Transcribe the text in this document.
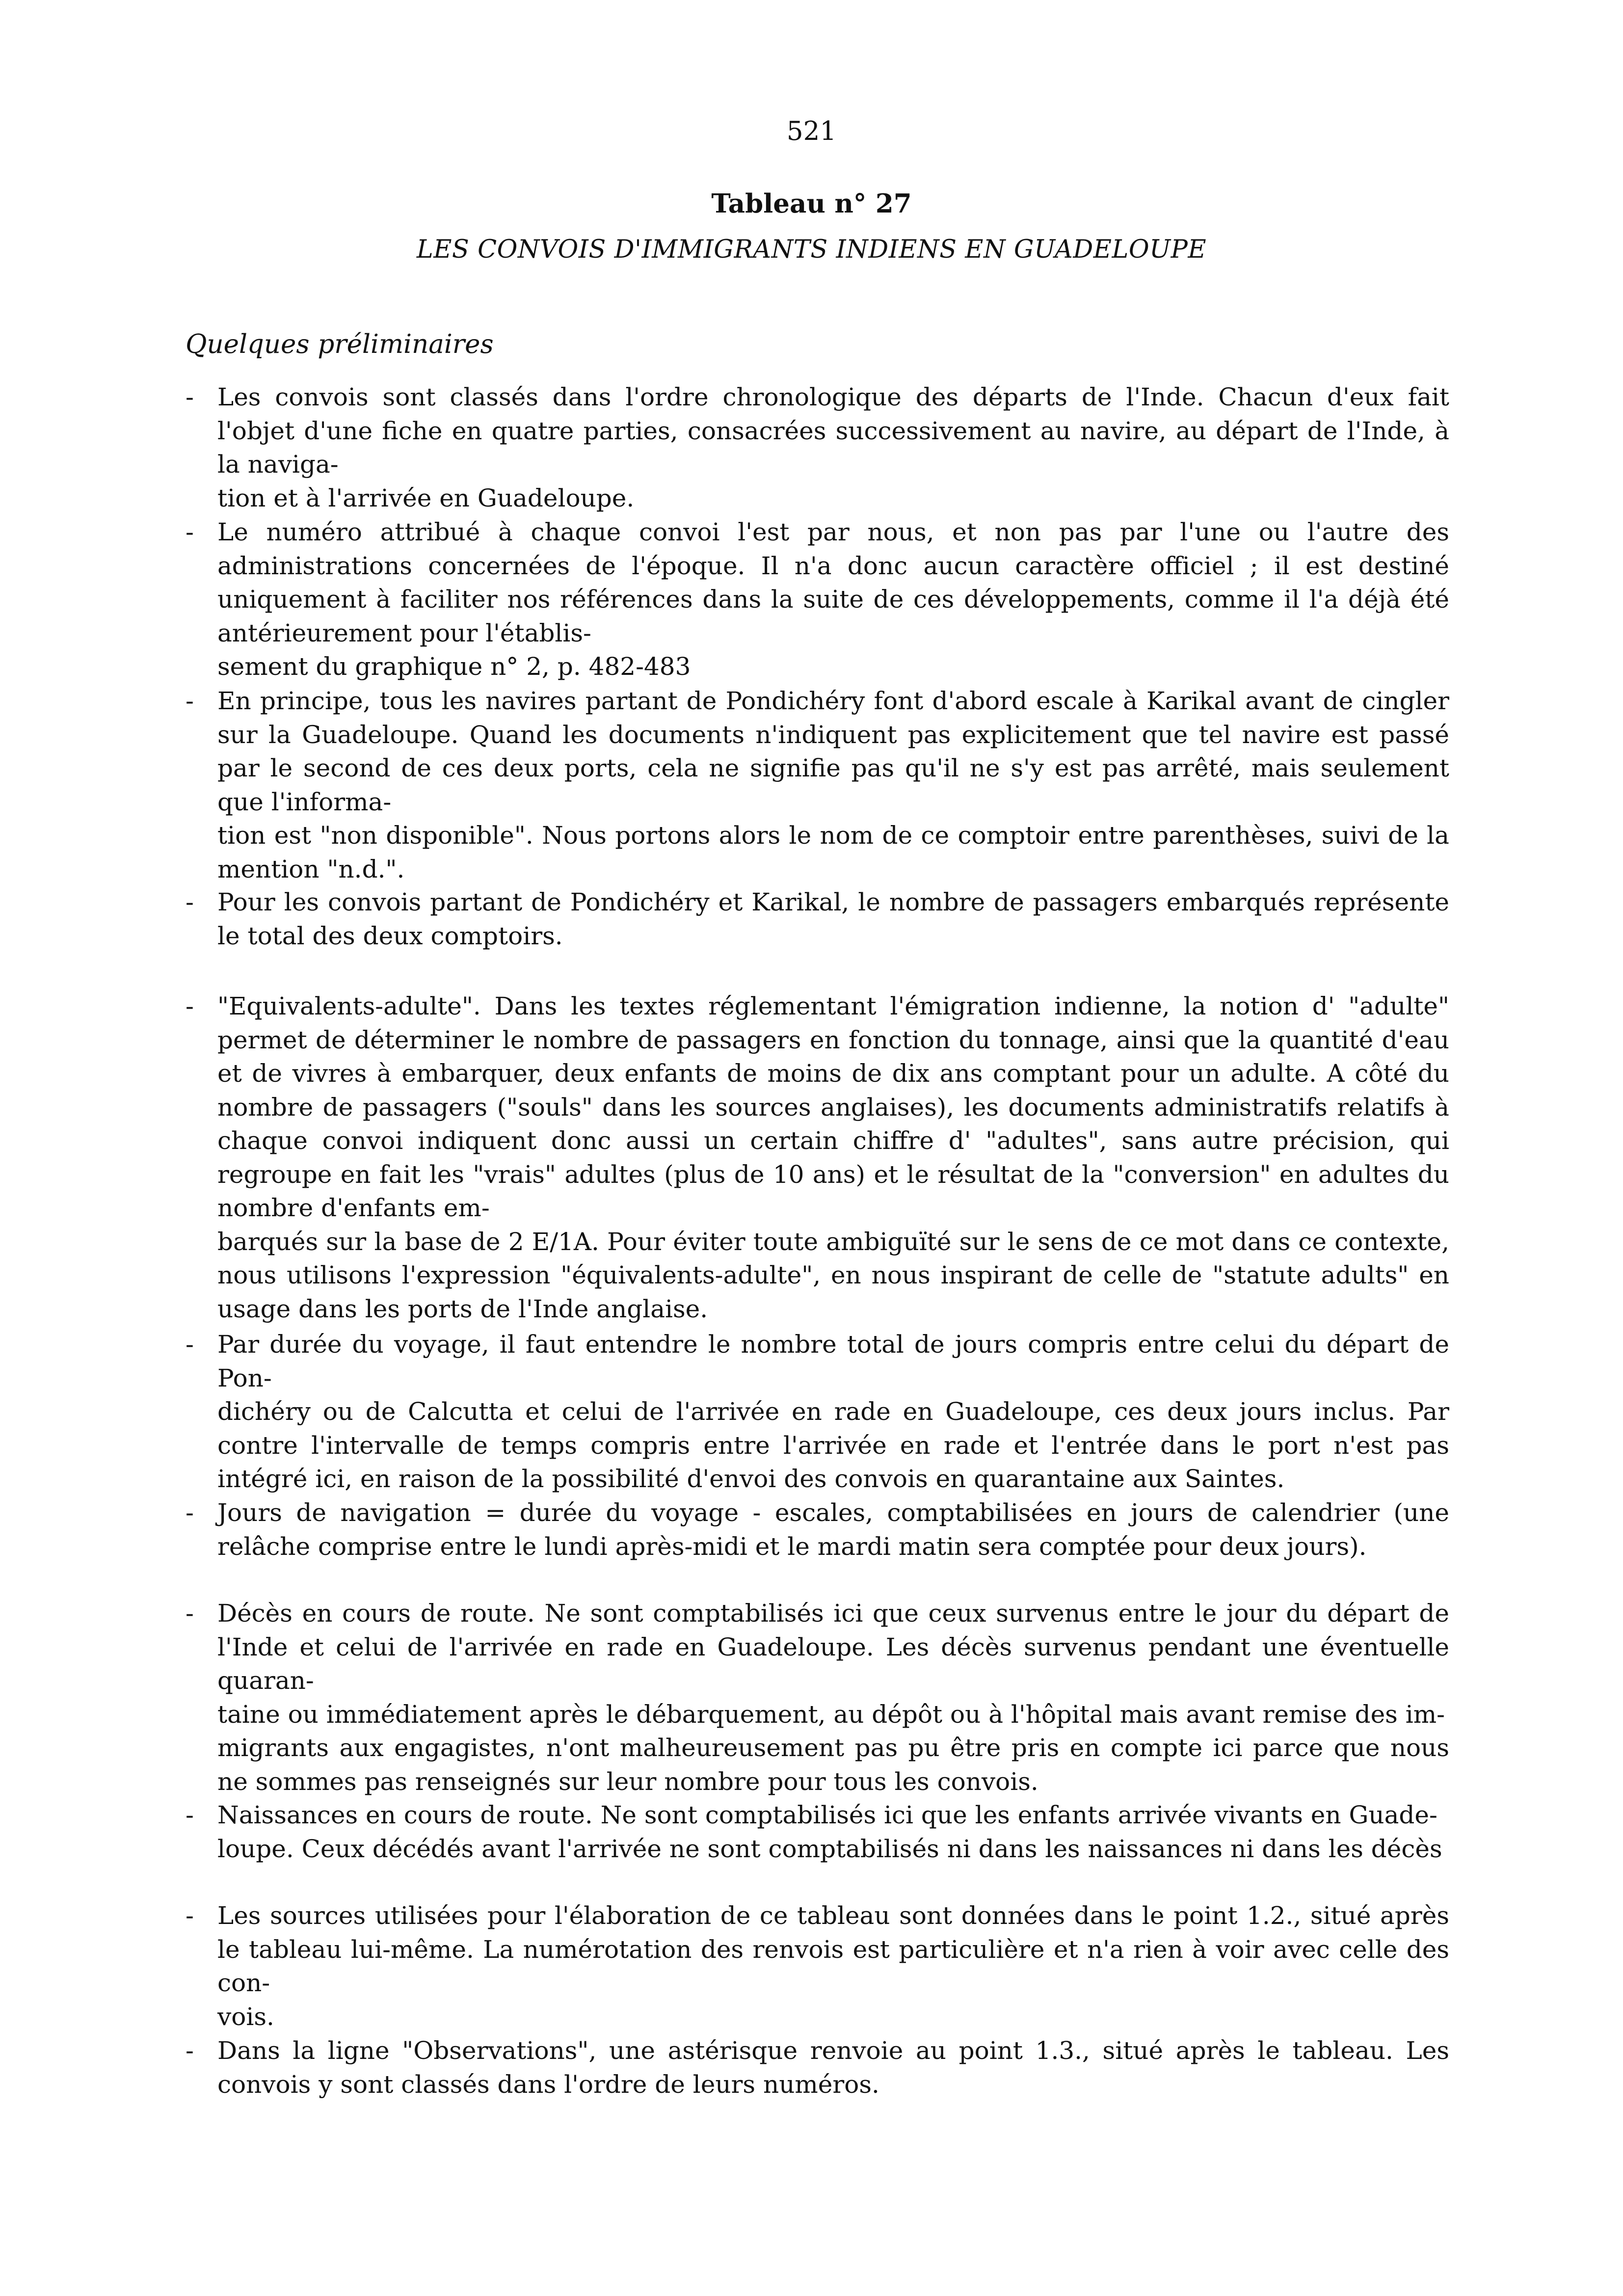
521
Tableau n° 27
LES CONVOIS D'IMMIGRANTS INDIENS EN GUADELOUPE
Quelques préliminaires
- Les convois sont classés dans l'ordre chronologique des départs de l'Inde. Chacun d'eux fait l'objet d'une fiche en quatre parties, consacrées successivement au navire, au départ de l'Inde, à la naviga-
tion et à l'arrivée en Guadeloupe.
- Le numéro attribué à chaque convoi l'est par nous, et non pas par l'une ou l'autre des administrations concernées de l'époque. Il n'a donc aucun caractère officiel ; il est destiné uniquement à faciliter nos références dans la suite de ces développements, comme il l'a déjà été antérieurement pour l'établis-
sement du graphique n° 2, p. 482-483
- En principe, tous les navires partant de Pondichéry font d'abord escale à Karikal avant de cingler sur la Guadeloupe. Quand les documents n'indiquent pas explicitement que tel navire est passé par le second de ces deux ports, cela ne signifie pas qu'il ne s'y est pas arrêté, mais seulement que l'informa-
tion est "non disponible". Nous portons alors le nom de ce comptoir entre parenthèses, suivi de la mention "n.d.".
- Pour les convois partant de Pondichéry et Karikal, le nombre de passagers embarqués représente le total des deux comptoirs.
- "Equivalents-adulte". Dans les textes réglementant l'émigration indienne, la notion d' "adulte" permet de déterminer le nombre de passagers en fonction du tonnage, ainsi que la quantité d'eau et de vivres à embarquer, deux enfants de moins de dix ans comptant pour un adulte. A côté du nombre de passagers ("souls" dans les sources anglaises), les documents administratifs relatifs à chaque convoi indiquent donc aussi un certain chiffre d' "adultes", sans autre précision, qui regroupe en fait les "vrais" adultes (plus de 10 ans) et le résultat de la "conversion" en adultes du nombre d'enfants em-
barqués sur la base de 2 E/1A. Pour éviter toute ambiguïté sur le sens de ce mot dans ce contexte, nous utilisons l'expression "équivalents-adulte", en nous inspirant de celle de "statute adults" en usage dans les ports de l'Inde anglaise.
- Par durée du voyage, il faut entendre le nombre total de jours compris entre celui du départ de Pon-
dichéry ou de Calcutta et celui de l'arrivée en rade en Guadeloupe, ces deux jours inclus. Par contre l'intervalle de temps compris entre l'arrivée en rade et l'entrée dans le port n'est pas intégré ici, en raison de la possibilité d'envoi des convois en quarantaine aux Saintes.
- Jours de navigation = durée du voyage - escales, comptabilisées en jours de calendrier (une relâche comprise entre le lundi après-midi et le mardi matin sera comptée pour deux jours).
- Décès en cours de route. Ne sont comptabilisés ici que ceux survenus entre le jour du départ de l'Inde et celui de l'arrivée en rade en Guadeloupe. Les décès survenus pendant une éventuelle quaran-
taine ou immédiatement après le débarquement, au dépôt ou à l'hôpital mais avant remise des im-
migrants aux engagistes, n'ont malheureusement pas pu être pris en compte ici parce que nous ne sommes pas renseignés sur leur nombre pour tous les convois.
- Naissances en cours de route. Ne sont comptabilisés ici que les enfants arrivée vivants en Guade-
loupe. Ceux décédés avant l'arrivée ne sont comptabilisés ni dans les naissances ni dans les décès
- Les sources utilisées pour l'élaboration de ce tableau sont données dans le point 1.2., situé après le tableau lui-même. La numérotation des renvois est particulière et n'a rien à voir avec celle des con-
vois.
- Dans la ligne "Observations", une astérisque renvoie au point 1.3., situé après le tableau. Les convois y sont classés dans l'ordre de leurs numéros.
